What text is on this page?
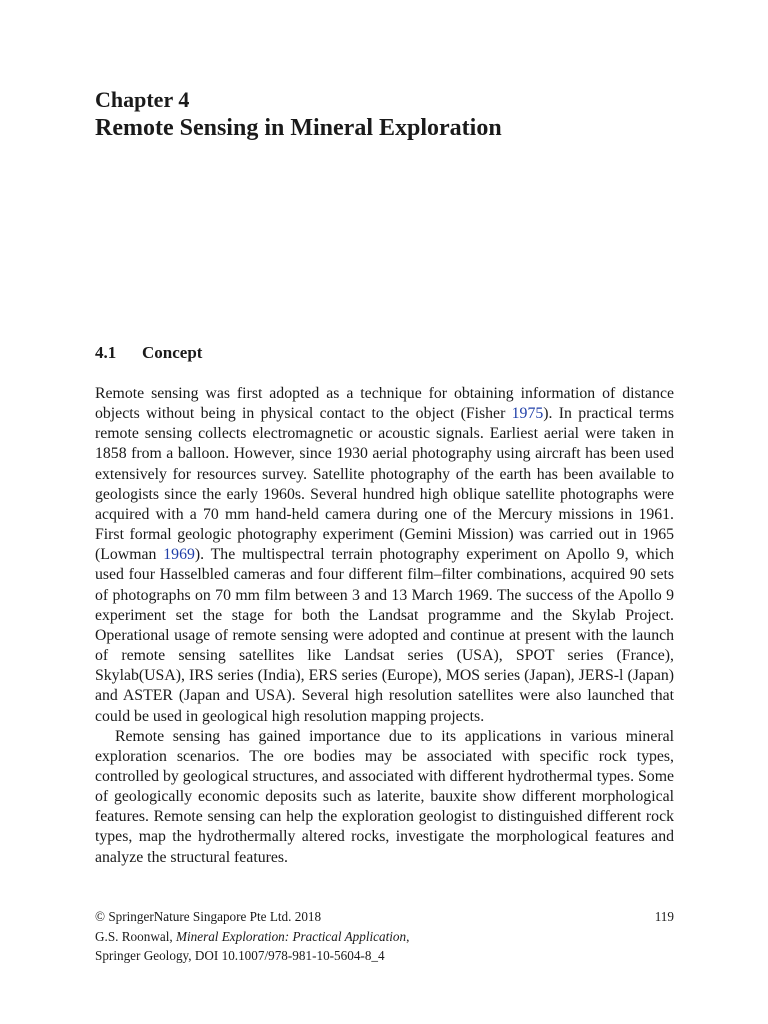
Chapter 4
Remote Sensing in Mineral Exploration
4.1 Concept

Remote sensing was first adopted as a technique for obtaining information of distance objects without being in physical contact to the object (Fisher 1975). In practical terms remote sensing collects electromagnetic or acoustic signals. Earliest aerial were taken in 1858 from a balloon. However, since 1930 aerial photography using aircraft has been used extensively for resources survey. Satellite photography of the earth has been available to geologists since the early 1960s. Several hundred high oblique satellite photographs were acquired with a 70 mm hand-held camera during one of the Mercury missions in 1961. First formal geologic photography experiment (Gemini Mission) was carried out in 1965 (Lowman 1969). The multispectral terrain photography experiment on Apollo 9, which used four Hasselbled cameras and four different film–filter combinations, acquired 90 sets of photographs on 70 mm film between 3 and 13 March 1969. The success of the Apollo 9 experiment set the stage for both the Landsat programme and the Skylab Project. Operational usage of remote sensing were adopted and continue at present with the launch of remote sensing satellites like Landsat series (USA), SPOT series (France), Skylab(USA), IRS series (India), ERS series (Europe), MOS series (Japan), JERS-l (Japan) and ASTER (Japan and USA). Several high resolution satellites were also launched that could be used in geological high resolution mapping projects.

Remote sensing has gained importance due to its applications in various mineral exploration scenarios. The ore bodies may be associated with specific rock types, controlled by geological structures, and associated with different hydrothermal types. Some of geologically economic deposits such as laterite, bauxite show different morphological features. Remote sensing can help the exploration geologist to distinguished different rock types, map the hydrothermally altered rocks, investigate the morphological features and analyze the structural features.

© SpringerNature Singapore Pte Ltd. 2018	119
G.S. Roonwal, Mineral Exploration: Practical Application,
Springer Geology, DOI 10.1007/978-981-10-5604-8_4
